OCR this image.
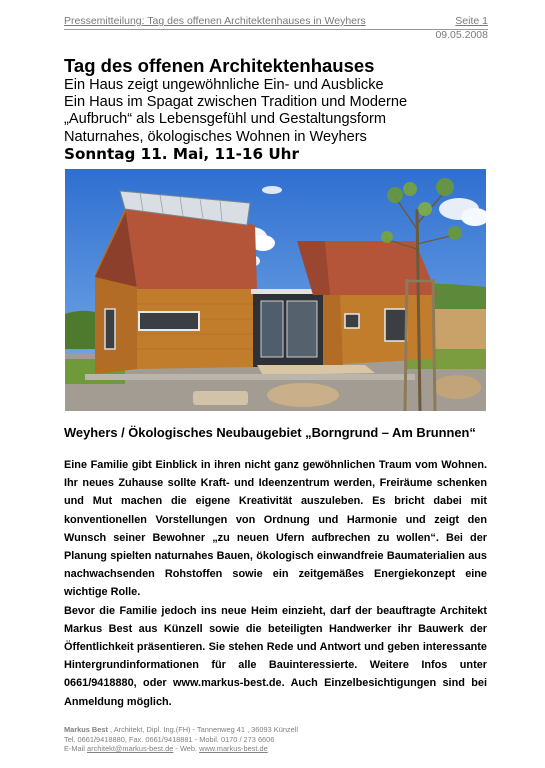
Pressemitteilung: Tag des offenen Architektenhauses in Weyhers	Seite 1
09.05.2008
Tag des offenen Architektenhauses
Ein Haus zeigt ungewöhnliche Ein- und Ausblicke
Ein Haus im Spagat zwischen Tradition und Moderne
„Aufbruch“ als Lebensgefühl und Gestaltungsform
Naturnahes, ökologisches Wohnen in Weyhers
Sonntag 11. Mai, 11-16 Uhr
Weyhers / Ökologisches Neubaugebiet „Borngrund – Am Brunnen“

Eine Familie gibt Einblick in ihren nicht ganz gewöhnlichen Traum vom Wohnen. Ihr neues Zuhause sollte Kraft- und Ideenzentrum werden, Freiräume schenken und Mut machen die eigene Kreativität auszuleben. Es bricht dabei mit konventionellen Vorstellungen von Ordnung und Harmonie und zeigt den Wunsch seiner Bewohner „zu neuen Ufern aufbrechen zu wollen“. Bei der Planung spielten naturnahes Bauen, ökologisch einwandfreie Baumaterialien aus nachwachsenden Rohstoffen sowie ein zeitgemäßes Energiekonzept eine wichtige Rolle.

Bevor die Familie jedoch ins neue Heim einzieht, darf der beauftragte Architekt Markus Best aus Künzell sowie die beteiligten Handwerker ihr Bauwerk der Öffentlichkeit präsentieren. Sie stehen Rede und Antwort und geben interessante Hintergrundinformationen für alle Bauinteressierte. Weitere Infos unter 0661/9418880, oder www.markus-best.de. Auch Einzelbesichtigungen sind bei Anmeldung möglich.

Markus Best , Architekt, Dipl. Ing.(FH) - Tannenweg 41 , 36093 Künzell
Tel. 0661/9418880, Fax. 0661/9418881 - Mobil. 0170 / 273 6606
E-Mail architekt@markus-best.de - Web. www.markus-best.de
